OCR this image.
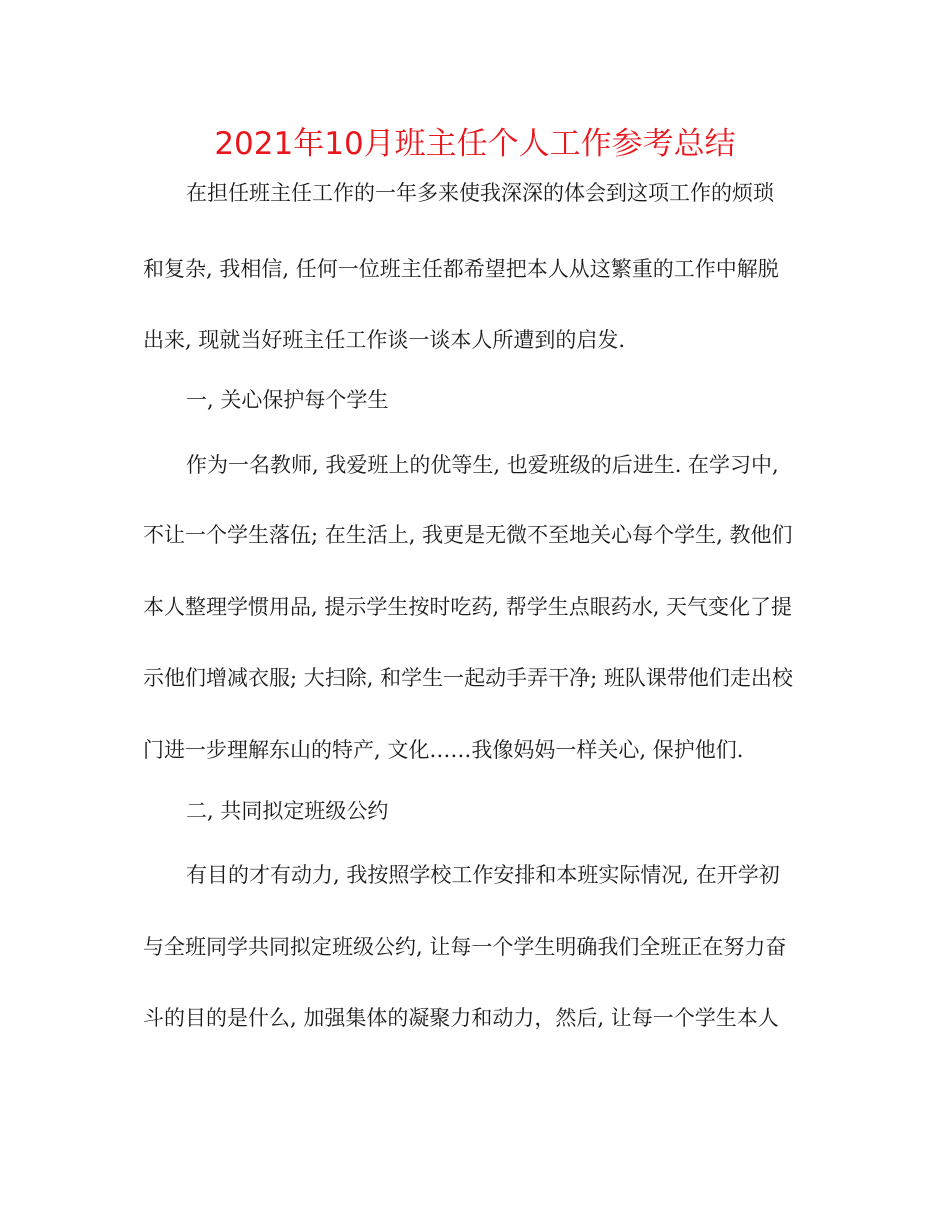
2021年10月班主任个人工作参考总结

在担任班主任工作的一年多来使我深深的体会到这项工作的烦琐

和复杂, 我相信, 任何一位班主任都希望把本人从这繁重的工作中解脱

出来, 现就当好班主任工作谈一谈本人所遭到的启发.

一, 关心保护每个学生

作为一名教师, 我爱班上的优等生, 也爱班级的后进生. 在学习中,

不让一个学生落伍; 在生活上, 我更是无微不至地关心每个学生, 教他们

本人整理学惯用品, 提示学生按时吃药, 帮学生点眼药水, 天气变化了提

示他们增减衣服; 大扫除, 和学生一起动手弄干净; 班队课带他们走出校

门进一步理解东山的特产, 文化……我像妈妈一样关心, 保护他们.

二, 共同拟定班级公约

有目的才有动力, 我按照学校工作安排和本班实际情况, 在开学初

与全班同学共同拟定班级公约, 让每一个学生明确我们全班正在努力奋

斗的目的是什么, 加强集体的凝聚力和动力，然后, 让每一个学生本人
